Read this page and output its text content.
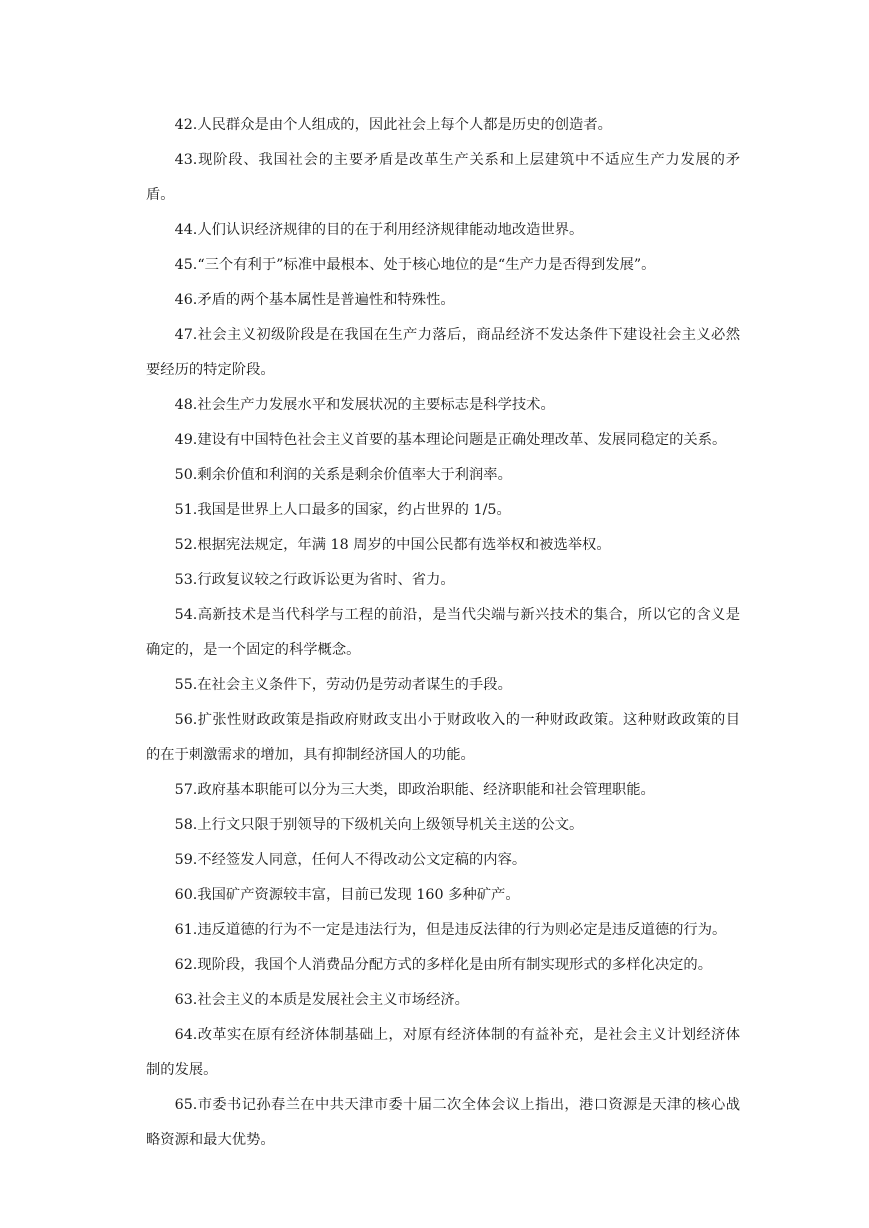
42.人民群众是由个人组成的，因此社会上每个人都是历史的创造者。

43.现阶段、我国社会的主要矛盾是改革生产关系和上层建筑中不适应生产力发展的矛盾。

44.人们认识经济规律的目的在于利用经济规律能动地改造世界。

45.“三个有利于”标准中最根本、处于核心地位的是“生产力是否得到发展”。

46.矛盾的两个基本属性是普遍性和特殊性。

47.社会主义初级阶段是在我国在生产力落后，商品经济不发达条件下建设社会主义必然要经历的特定阶段。

48.社会生产力发展水平和发展状况的主要标志是科学技术。

49.建设有中国特色社会主义首要的基本理论问题是正确处理改革、发展同稳定的关系。

50.剩余价值和利润的关系是剩余价值率大于利润率。

51.我国是世界上人口最多的国家，约占世界的 1/5。

52.根据宪法规定，年满 18 周岁的中国公民都有选举权和被选举权。

53.行政复议较之行政诉讼更为省时、省力。

54.高新技术是当代科学与工程的前沿，是当代尖端与新兴技术的集合，所以它的含义是确定的，是一个固定的科学概念。

55.在社会主义条件下，劳动仍是劳动者谋生的手段。

56.扩张性财政政策是指政府财政支出小于财政收入的一种财政政策。这种财政政策的目的在于刺激需求的增加，具有抑制经济国人的功能。

57.政府基本职能可以分为三大类，即政治职能、经济职能和社会管理职能。

58.上行文只限于别领导的下级机关向上级领导机关主送的公文。

59.不经签发人同意，任何人不得改动公文定稿的内容。

60.我国矿产资源较丰富，目前已发现 160 多种矿产。

61.违反道德的行为不一定是违法行为，但是违反法律的行为则必定是违反道德的行为。

62.现阶段，我国个人消费品分配方式的多样化是由所有制实现形式的多样化决定的。

63.社会主义的本质是发展社会主义市场经济。

64.改革实在原有经济体制基础上，对原有经济体制的有益补充，是社会主义计划经济体制的发展。

65.市委书记孙春兰在中共天津市委十届二次全体会议上指出，港口资源是天津的核心战略资源和最大优势。
